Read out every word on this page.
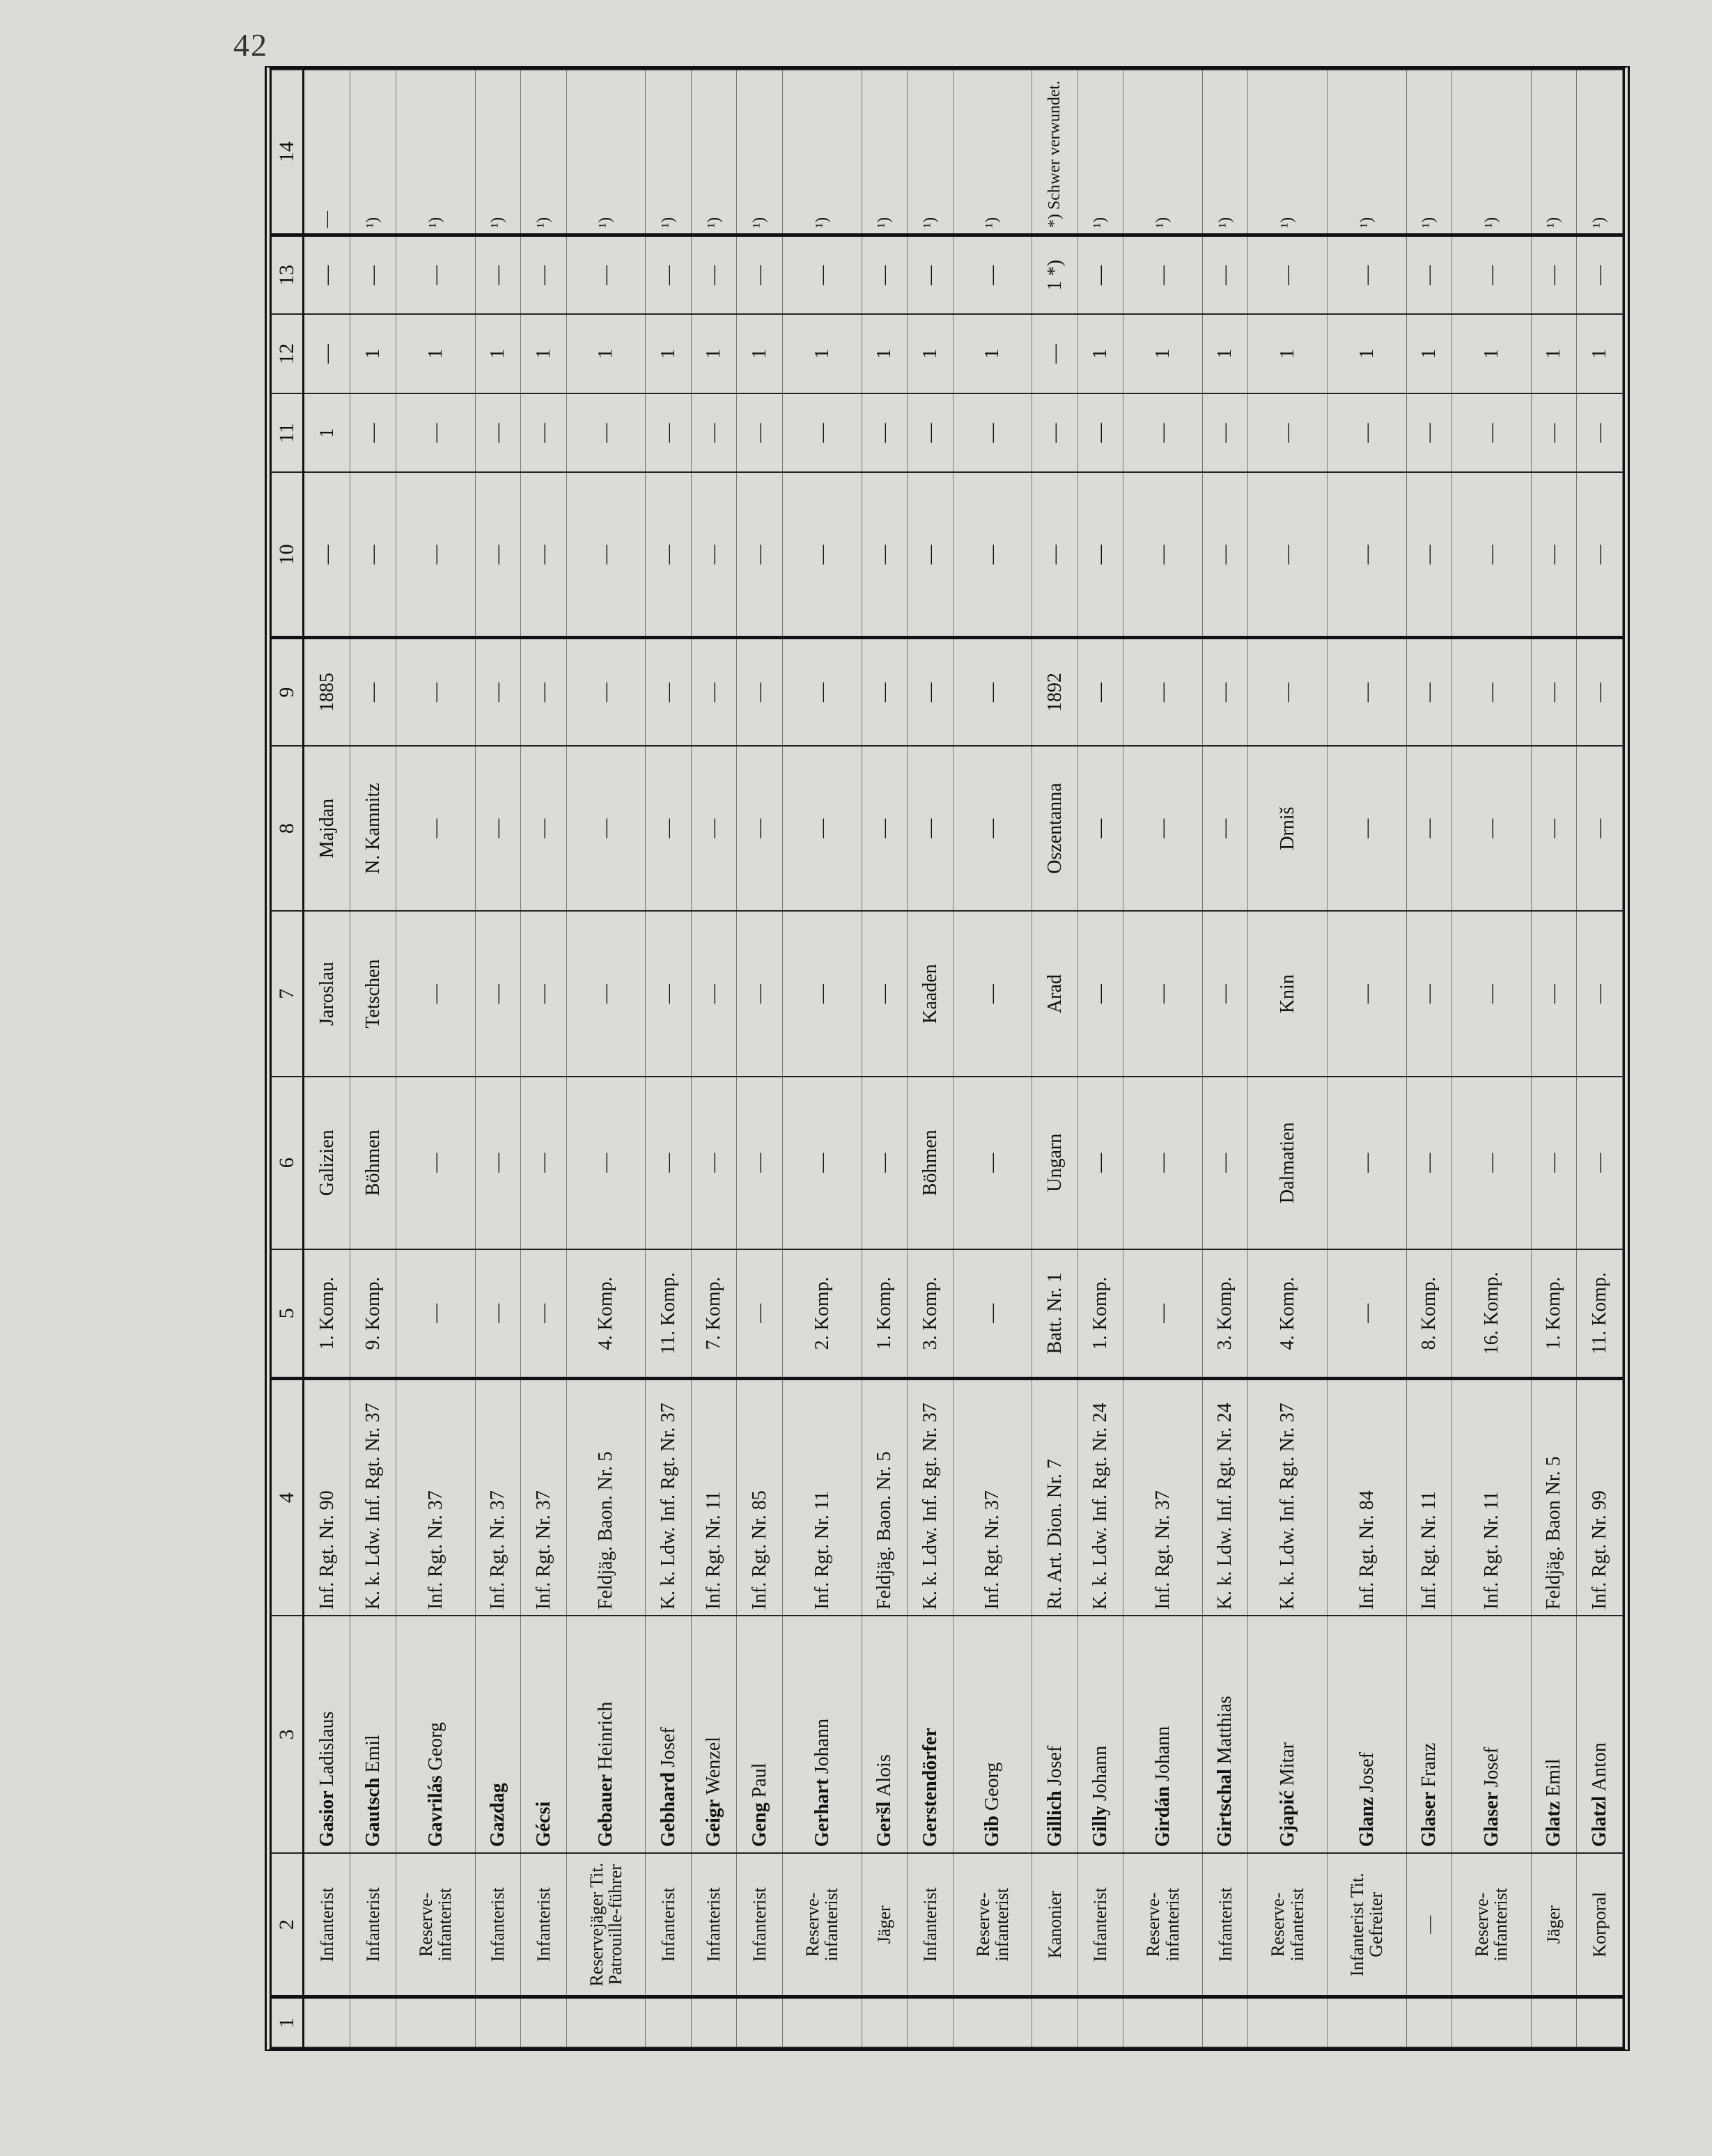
42
1	2	3	4	5	6	7	8	9	10	11	12	13	14
	Infanterist	Gasior Ladislaus	Inf. Rgt. Nr. 90	1. Komp.	Galizien	Jaroslau	Majdan	1885	—	1	—	—	—
	Infanterist	Gautsch Emil	K. k. Ldw. Inf. Rgt. Nr. 37	9. Komp.	Böhmen	Tetschen	N. Kamnitz	—	—	—	1	—	¹)
	Reserve-infanterist	Gavrilás Georg	Inf. Rgt. Nr. 37	—	—	—	—	—	—	—	1	—	¹)
	Infanterist	Gazdag	Inf. Rgt. Nr. 37	—	—	—	—	—	—	—	1	—	¹)
	Infanterist	Gécsi	Inf. Rgt. Nr. 37	—	—	—	—	—	—	—	1	—	¹)
	Reservejäger Tit. Patrouille-führer	Gebauer Heinrich	Feldjäg. Baon. Nr. 5	4. Komp.	—	—	—	—	—	—	1	—	¹)
	Infanterist	Gebhard Josef	K. k. Ldw. Inf. Rgt. Nr. 37	11. Komp.	—	—	—	—	—	—	1	—	¹)
	Infanterist	Geigr Wenzel	Inf. Rgt. Nr. 11	7. Komp.	—	—	—	—	—	—	1	—	¹)
	Infanterist	Geng Paul	Inf. Rgt. Nr. 85	—	—	—	—	—	—	—	1	—	¹)
	Reserve-infanterist	Gerhart Johann	Inf. Rgt. Nr. 11	2. Komp.	—	—	—	—	—	—	1	—	¹)
	Jäger	Geršl Alois	Feldjäg. Baon. Nr. 5	1. Komp.	—	—	—	—	—	—	1	—	¹)
	Infanterist	Gerstendörfer	K. k. Ldw. Inf. Rgt. Nr. 37	3. Komp.	Böhmen	Kaaden	—	—	—	—	1	—	¹)
	Reserve-infanterist	Gib Georg	Inf. Rgt. Nr. 37	—	—	—	—	—	—	—	1	—	¹)
	Kanonier	Gillich Josef	Rt. Art. Dion. Nr. 7	Batt. Nr. 1	Ungarn	Arad	Oszentanna	1892	—	—	—	1 *)	*) Schwer verwundet.
	Infanterist	Gilly Johann	K. k. Ldw. Inf. Rgt. Nr. 24	1. Komp.	—	—	—	—	—	—	1	—	¹)
	Reserve-infanterist	Girdán Johann	Inf. Rgt. Nr. 37	—	—	—	—	—	—	—	1	—	¹)
	Infanterist	Girtschal Matthias	K. k. Ldw. Inf. Rgt. Nr. 24	3. Komp.	—	—	—	—	—	—	1	—	¹)
	Reserve-infanterist	Gjapić Mitar	K. k. Ldw. Inf. Rgt. Nr. 37	4. Komp.	Dalmatien	Knin	Drniš	—	—	—	1	—	¹)
	Infanterist Tit. Gefreiter	Glanz Josef	Inf. Rgt. Nr. 84	—	—	—	—	—	—	—	1	—	¹)
	—	Glaser Franz	Inf. Rgt. Nr. 11	8. Komp.	—	—	—	—	—	—	1	—	¹)
	Reserve-infanterist	Glaser Josef	Inf. Rgt. Nr. 11	16. Komp.	—	—	—	—	—	—	1	—	¹)
	Jäger	Glatz Emil	Feldjäg. Baon Nr. 5	1. Komp.	—	—	—	—	—	—	1	—	¹)
	Korporal	Glatzl Anton	Inf. Rgt. Nr. 99	11. Komp.	—	—	—	—	—	—	1	—	¹)
